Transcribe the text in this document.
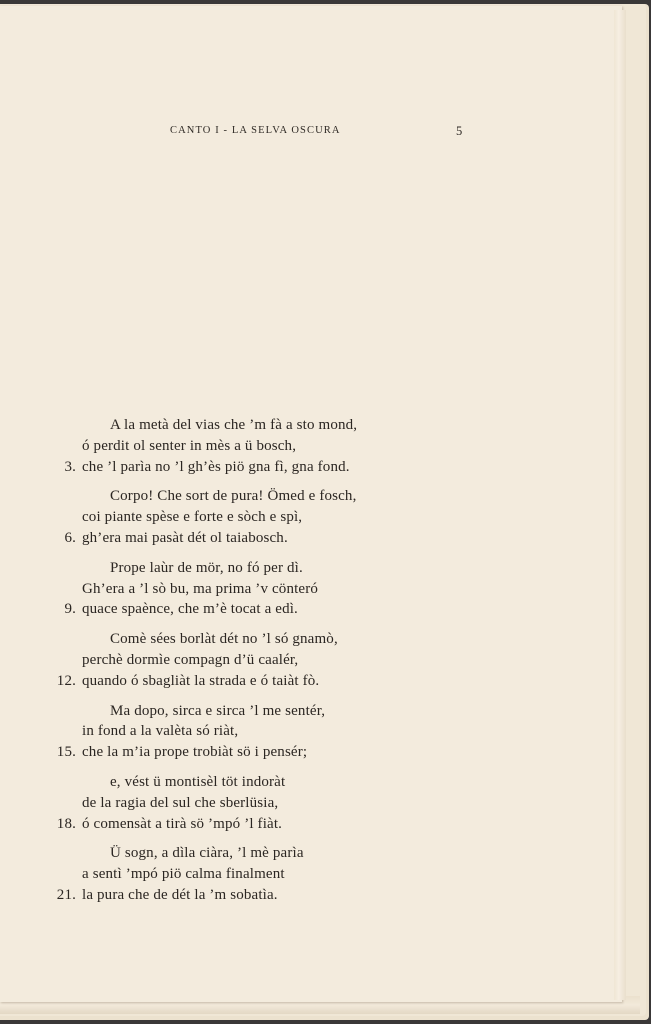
CANTO I - LA SELVA OSCURA	5
A la metà del vias che ’m fà a sto mond,
ó perdit ol senter in mès a ü bosch,
3. che ’l parìa no ’l gh’ès piö gna fì, gna fond.
Corpo! Che sort de pura! Ömed e fosch,
coi piante spèse e forte e sòch e spì,
6. gh’era mai pasàt dét ol taiabosch.
Prope laùr de mör, no fó per dì.
Gh’era a ’l sò bu, ma prima ’v cönteró
9. quace spaènce, che m’è tocat a edì.
Comè sées borlàt dét no ’l só gnamò,
perchè dormìe compagn d’ü caalér,
12. quando ó sbagliàt la strada e ó taiàt fò.
Ma dopo, sirca e sirca ’l me sentér,
in fond a la valèta só riàt,
15. che la m’ia prope trobiàt sö i pensér;
e, vést ü montisèl töt indoràt
de la ragia del sul che sberlüsia,
18. ó comensàt a tirà sö ’mpó ’l fiàt.
Ü sogn, a dìla ciàra, ’l mè parìa
a sentì ’mpó piö calma finalment
21. la pura che de dét la ’m sobatìa.
